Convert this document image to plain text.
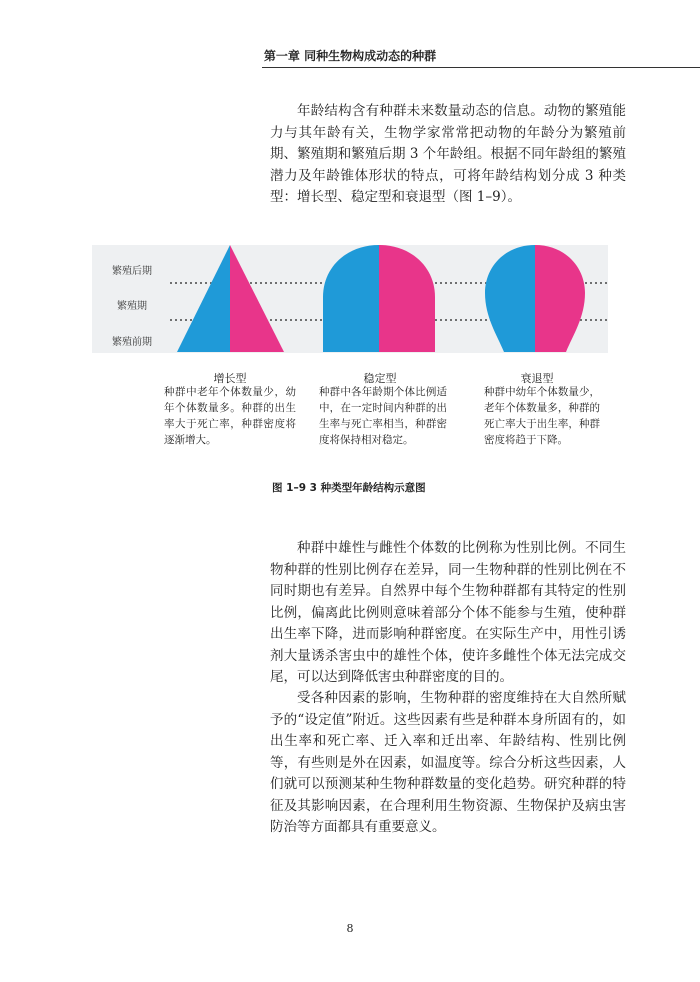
第一章 同种生物构成动态的种群

年龄结构含有种群未来数量动态的信息。动物的繁殖能力与其年龄有关，生物学家常常把动物的年龄分为繁殖前期、繁殖期和繁殖后期 3 个年龄组。根据不同年龄组的繁殖潜力及年龄锥体形状的特点，可将年龄结构划分成 3 种类型：增长型、稳定型和衰退型（图 1–9）。

繁殖后期
繁殖期
繁殖前期
增长型
种群中老年个体数量少，幼年个体数量多。种群的出生率大于死亡率，种群密度将逐渐增大。
稳定型
种群中各年龄期个体比例适中，在一定时间内种群的出生率与死亡率相当，种群密度将保持相对稳定。
衰退型
种群中幼年个体数量少，老年个体数量多，种群的死亡率大于出生率，种群密度将趋于下降。
图 1–9 3 种类型年龄结构示意图

种群中雄性与雌性个体数的比例称为性别比例。不同生物种群的性别比例存在差异，同一生物种群的性别比例在不同时期也有差异。自然界中每个生物种群都有其特定的性别比例，偏离此比例则意味着部分个体不能参与生殖，使种群出生率下降，进而影响种群密度。在实际生产中，用性引诱剂大量诱杀害虫中的雄性个体，使许多雌性个体无法完成交尾，可以达到降低害虫种群密度的目的。

受各种因素的影响，生物种群的密度维持在大自然所赋予的“设定值”附近。这些因素有些是种群本身所固有的，如出生率和死亡率、迁入率和迁出率、年龄结构、性别比例等，有些则是外在因素，如温度等。综合分析这些因素，人们就可以预测某种生物种群数量的变化趋势。研究种群的特征及其影响因素，在合理利用生物资源、生物保护及病虫害防治等方面都具有重要意义。

8
